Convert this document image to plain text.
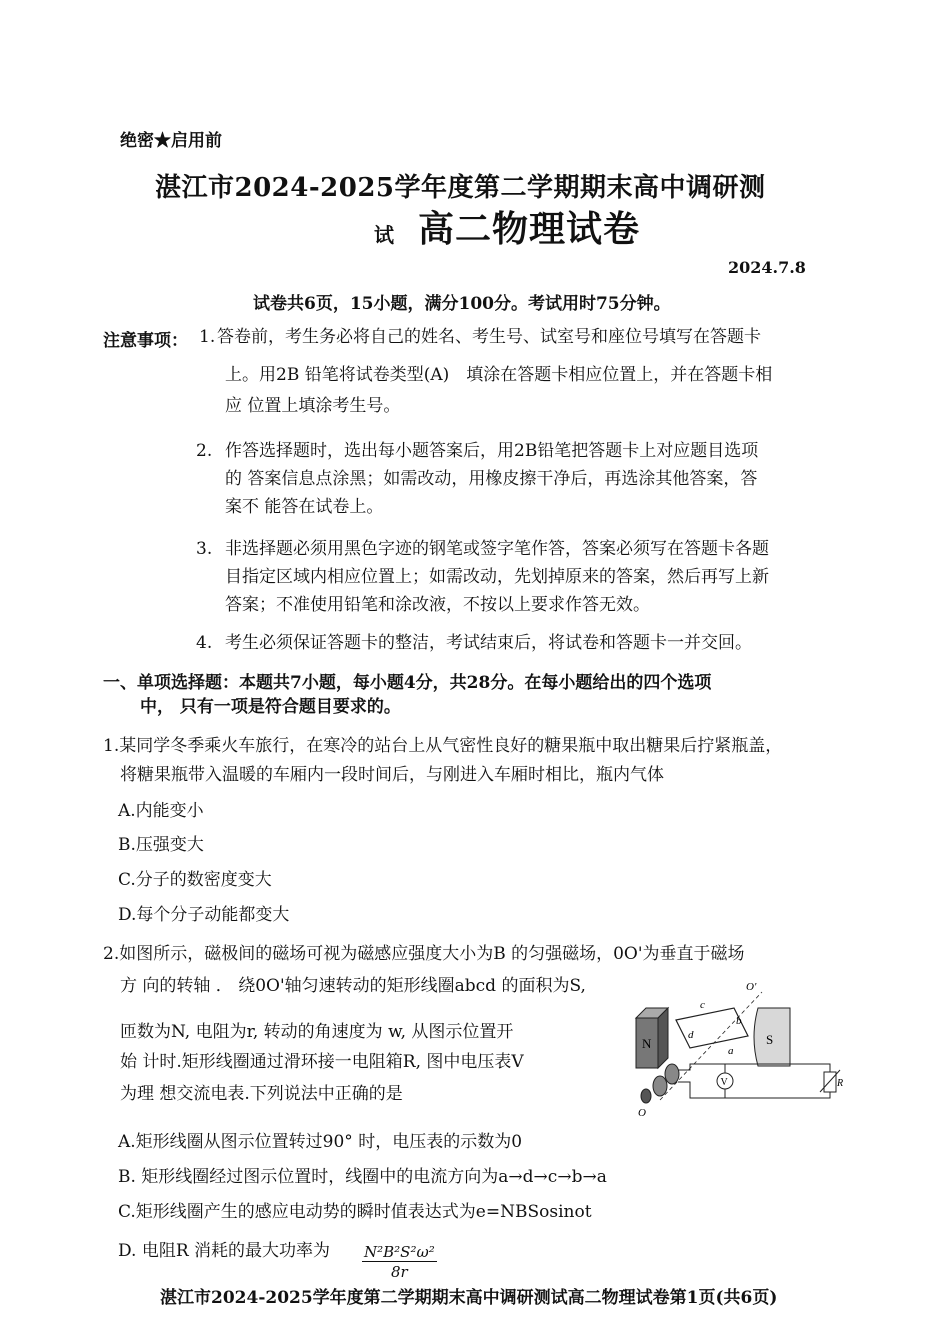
绝密★启用前
湛江市2024-2025学年度第二学期期末高中调研测
试 高二物理试卷
2024.7.8
试卷共6页，15小题，满分100分。考试用时75分钟。
注意事项： 1. 答卷前，考生务必将自己的姓名、考生号、试室号和座位号填写在答题卡
上。用2B 铅笔将试卷类型(A)　填涂在答题卡相应位置上，并在答题卡相
应 位置上填涂考生号。
2. 作答选择题时，选出每小题答案后，用2B铅笔把答题卡上对应题目选项
的 答案信息点涂黑；如需改动，用橡皮擦干净后，再选涂其他答案，答
案不 能答在试卷上。
3. 非选择题必须用黑色字迹的钢笔或签字笔作答，答案必须写在答题卡各题
目指定区域内相应位置上；如需改动，先划掉原来的答案，然后再写上新
答案；不准使用铅笔和涂改液，不按以上要求作答无效。
4. 考生必须保证答题卡的整洁，考试结束后，将试卷和答题卡一并交回。
一、单项选择题：本题共7小题，每小题4分，共28分。在每小题给出的四个选项
中， 只有一项是符合题目要求的。
1.某同学冬季乘火车旅行，在寒冷的站台上从气密性良好的糖果瓶中取出糖果后拧紧瓶盖，
将糖果瓶带入温暖的车厢内一段时间后，与刚进入车厢时相比，瓶内气体
A.内能变小
B.压强变大
C.分子的数密度变大
D.每个分子动能都变大
2.如图所示，磁极间的磁场可视为磁感应强度大小为B 的匀强磁场，0O'为垂直于磁场
方 向的转轴 ． 绕0O'轴匀速转动的矩形线圈abcd 的面积为S,
匝数为N, 电阻为r, 转动的角速度为 w, 从图示位置开
始 计时.矩形线圈通过滑环接一电阻箱R, 图中电压表V
为理 想交流电表.下列说法中正确的是
N	S
O'
O
d
c
b
a
V	R
A.矩形线圈从图示位置转过90° 时，电压表的示数为0
B. 矩形线圈经过图示位置时，线圈中的电流方向为a→d→c→b→a
C.矩形线圈产生的感应电动势的瞬时值表达式为e=NBSosinot
D. 电阻R 消耗的最大功率为 $\frac{\text{N²B²S²ω²}}{8r}$
湛江市2024-2025学年度第二学期期末高中调研测试高二物理试卷第1页(共6页)
